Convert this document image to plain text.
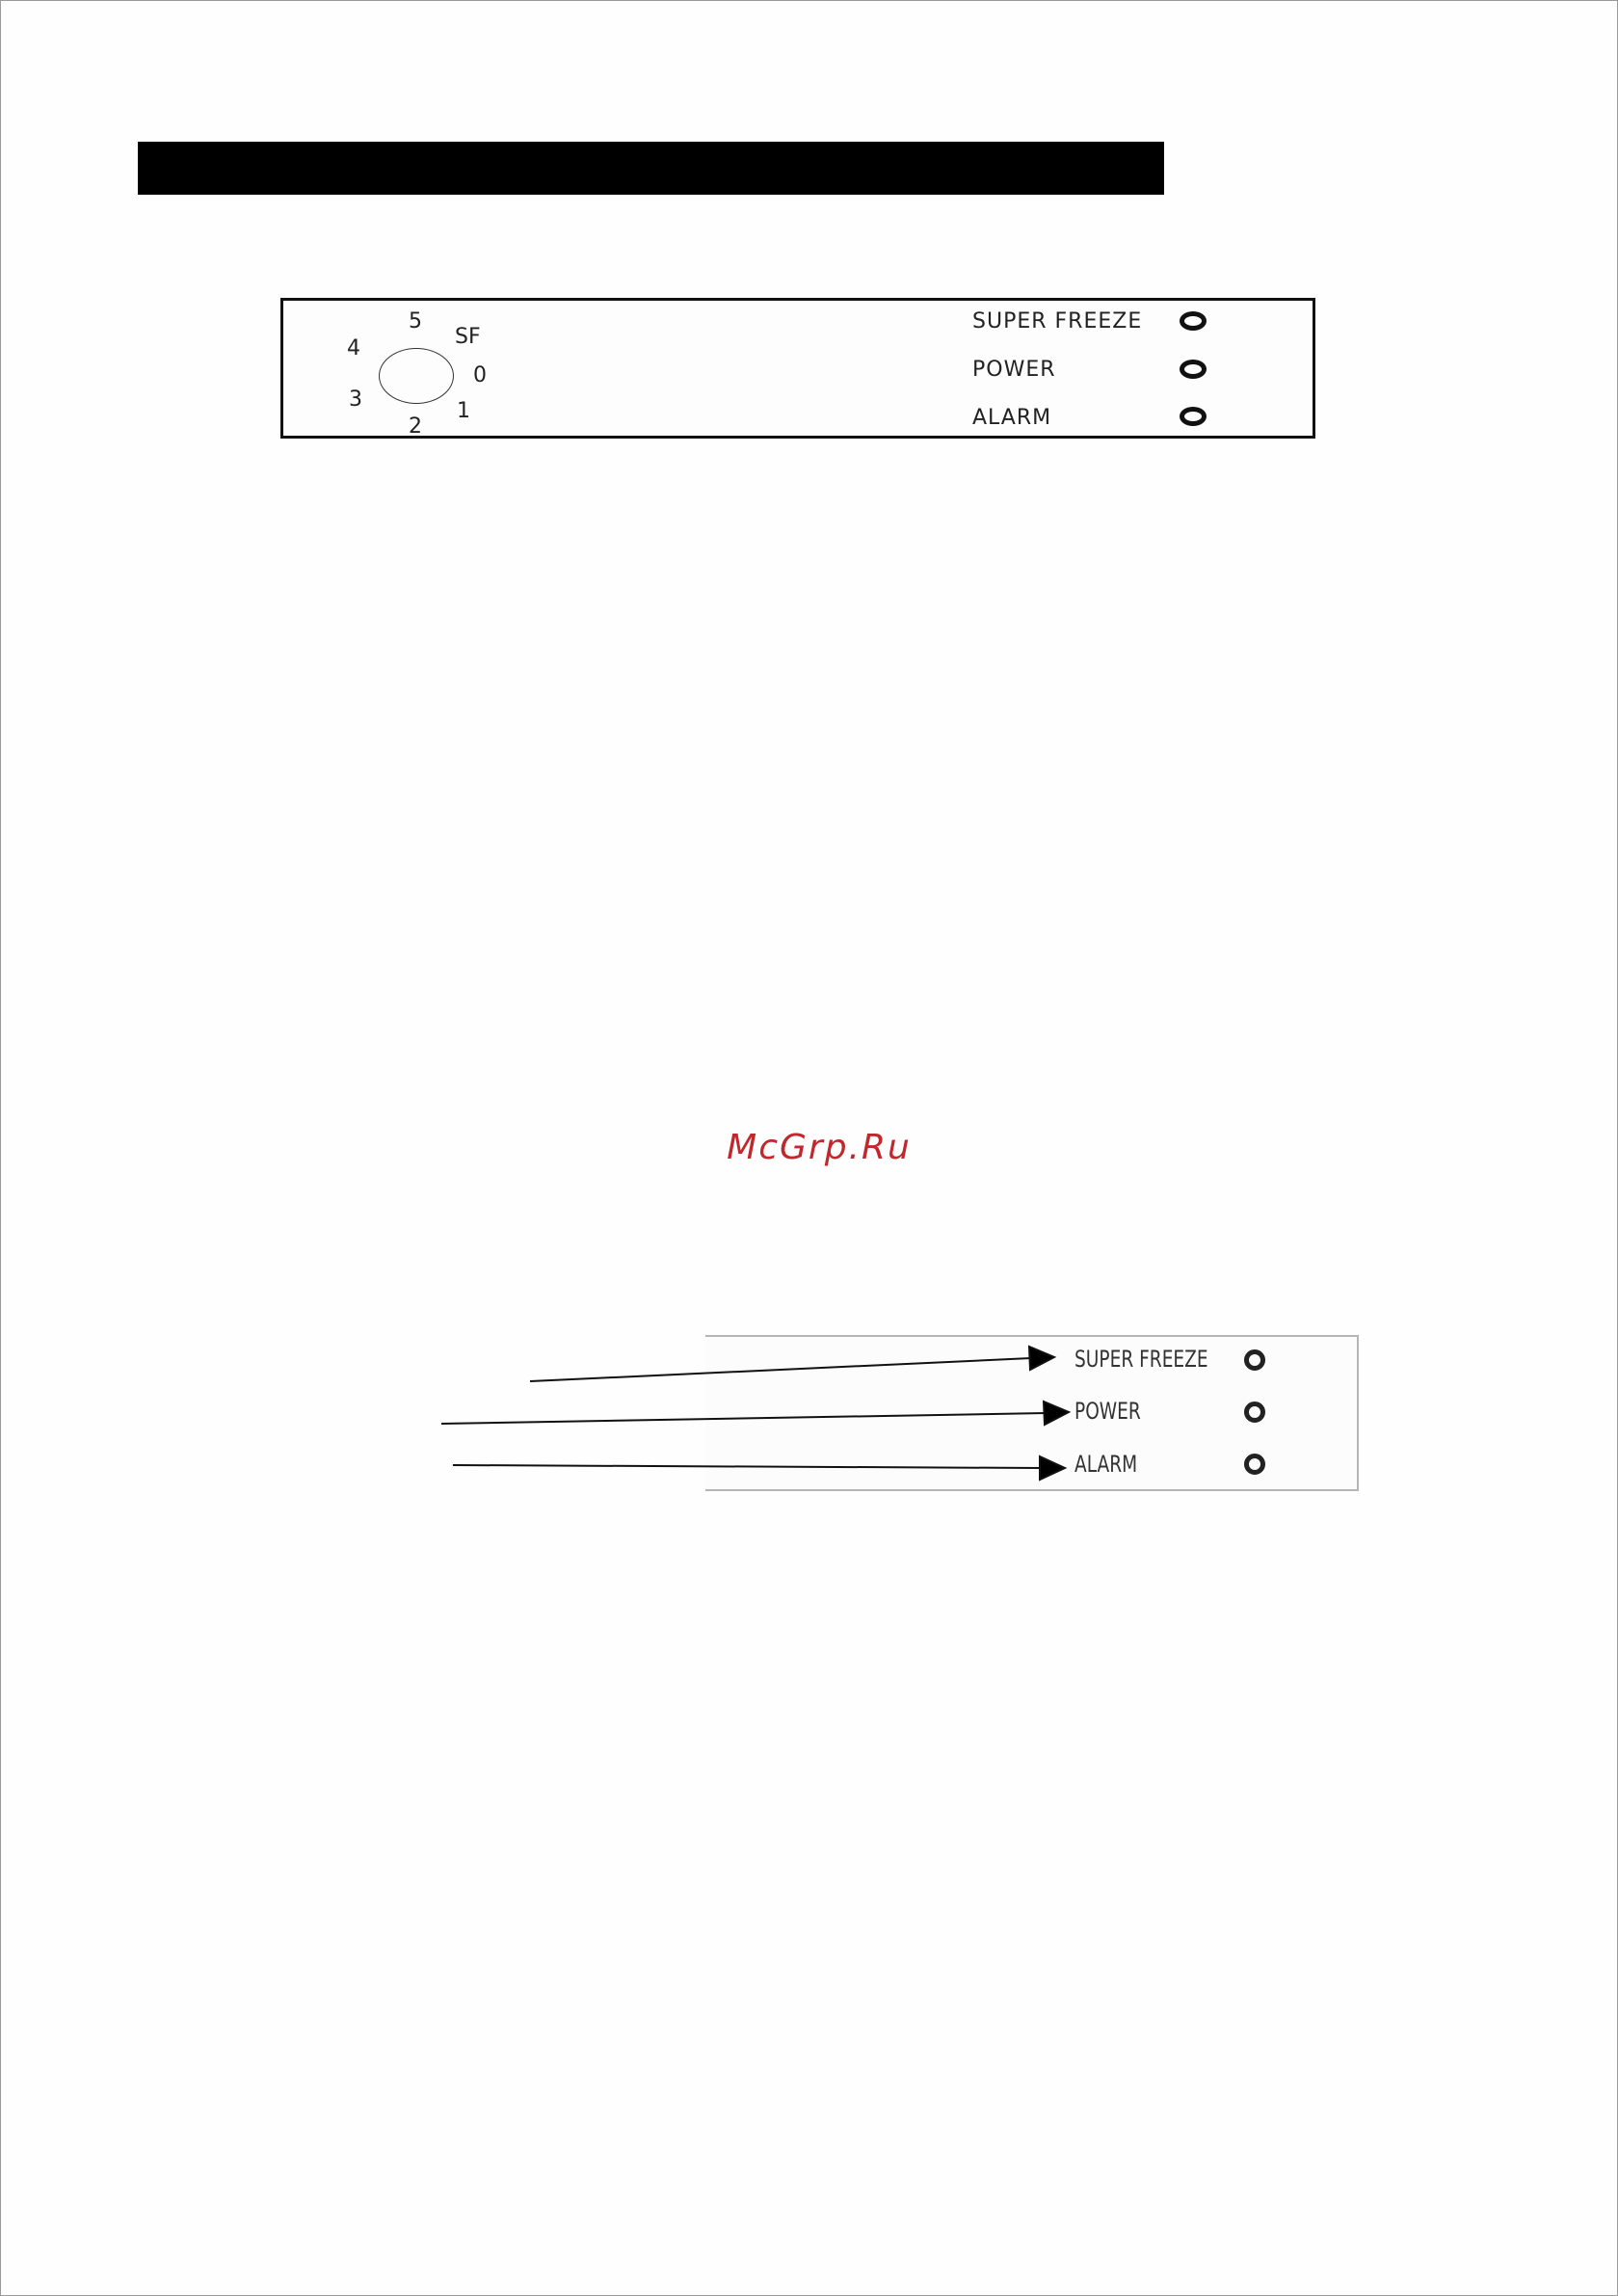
5
SF
4
0
3	1
2
SUPER FREEZE
POWER
ALARM
McGrp.Ru
SUPER FREEZE
POWER
ALARM
